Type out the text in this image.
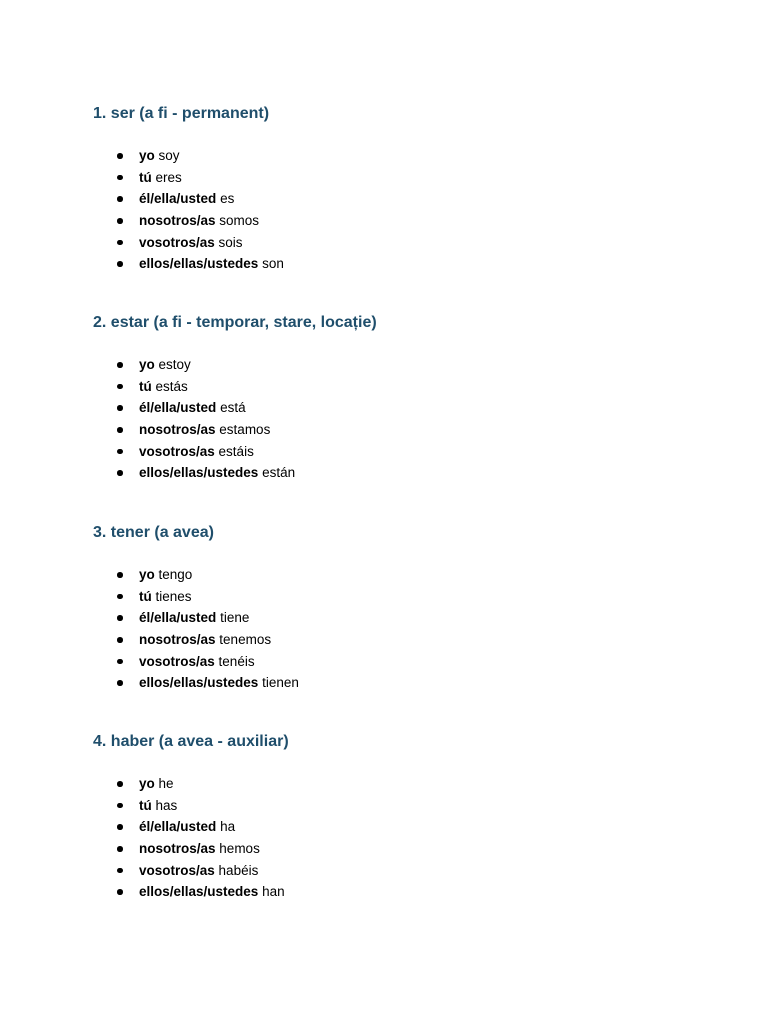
1. ser (a fi - permanent)
yo soy
tú eres
él/ella/usted es
nosotros/as somos
vosotros/as sois
ellos/ellas/ustedes son
2. estar (a fi - temporar, stare, locație)
yo estoy
tú estás
él/ella/usted está
nosotros/as estamos
vosotros/as estáis
ellos/ellas/ustedes están
3. tener (a avea)
yo tengo
tú tienes
él/ella/usted tiene
nosotros/as tenemos
vosotros/as tenéis
ellos/ellas/ustedes tienen
4. haber (a avea - auxiliar)
yo he
tú has
él/ella/usted ha
nosotros/as hemos
vosotros/as habéis
ellos/ellas/ustedes han
